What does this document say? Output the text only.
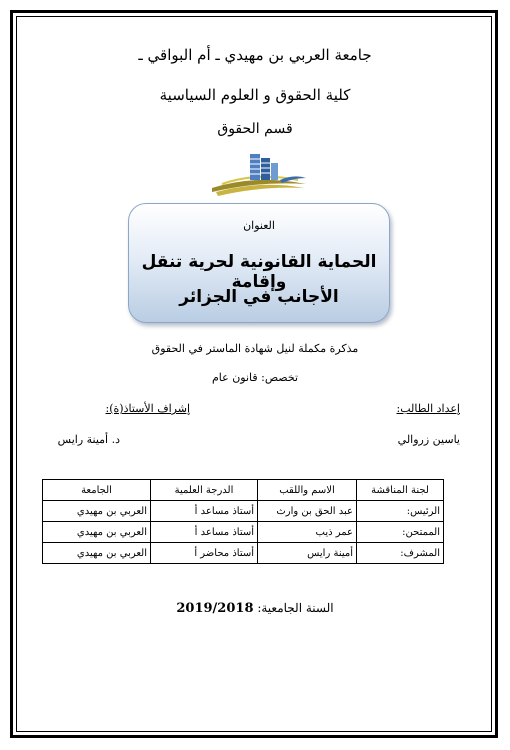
جامعة العربي بن مهيدي ـ أم البواقي ـ
كلية الحقوق و العلوم السياسية
قسم الحقوق
العنوان
الحماية القانونية لحرية تنقل وإقامة
الأجانب في الجزائر
مذكرة مكملة لنيل شهادة الماستر في الحقوق
تخصص: قانون عام
إعداد الطالب:
إشراف الأستاذ(ة):
ياسين زروالي
د. أمينة رايس
لجنة المناقشة	الاسم واللقب	الدرجة العلمية	الجامعة
الرئيس:	عبد الحق بن وارث	أستاذ مساعد أ	العربي بن مهيدي
الممتحن:	عمر ذيب	أستاذ مساعد أ	العربي بن مهيدي
المشرف:	أمينة رايس	أستاذ محاضر أ	العربي بن مهيدي
السنة الجامعية: 2019/2018
